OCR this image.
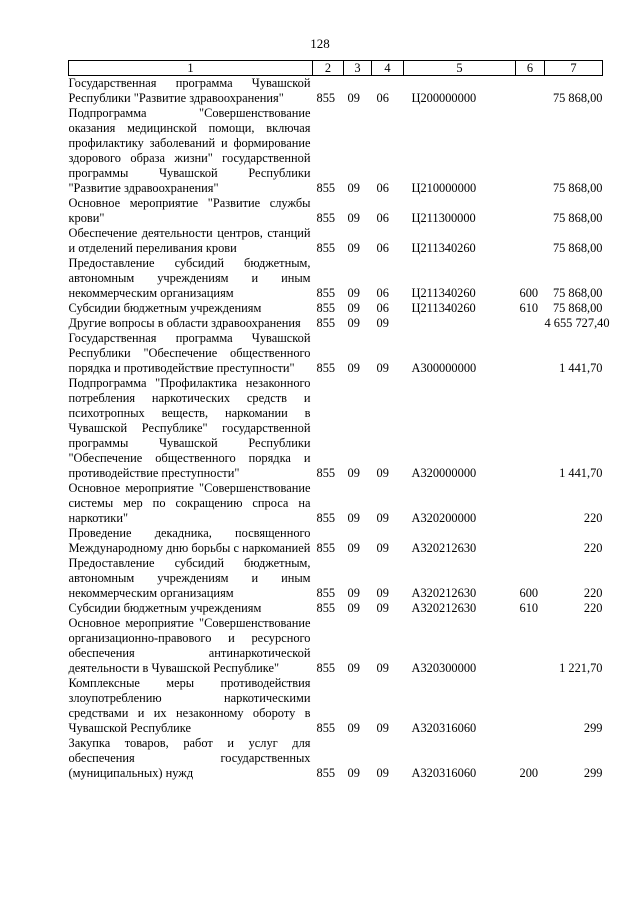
128
1	2	3	4	5	6	7
Государственная программа Чувашской Республики "Развитие здравоохранения"	855	09	06	Ц200000000		75 868,00
Подпрограмма "Совершенствование оказания медицинской помощи, включая профилактику заболеваний и формирование здорового образа жизни" государственной программы Чувашской Республики "Развитие здравоохранения"	855	09	06	Ц210000000		75 868,00
Основное мероприятие "Развитие службы крови"	855	09	06	Ц211300000		75 868,00
Обеспечение деятельности центров, станций и отделений переливания крови	855	09	06	Ц211340260		75 868,00
Предоставление субсидий бюджетным, автономным учреждениям и иным некоммерческим организациям	855	09	06	Ц211340260	600	75 868,00
Субсидии бюджетным учреждениям	855	09	06	Ц211340260	610	75 868,00
Другие вопросы в области здравоохранения	855	09	09			4 655 727,40
Государственная программа Чувашской Республики "Обеспечение общественного порядка и противодействие преступности"	855	09	09	А300000000		1 441,70
Подпрограмма "Профилактика незаконного потребления наркотических средств и психотропных веществ, наркомании в Чувашской Республике" государственной программы Чувашской Республики "Обеспечение общественного порядка и противодействие преступности"	855	09	09	А320000000		1 441,70
Основное мероприятие "Совершенствование системы мер по сокращению спроса на наркотики"	855	09	09	А320200000		220
Проведение декадника, посвященного Международному дню борьбы с наркоманией	855	09	09	А320212630		220
Предоставление субсидий бюджетным, автономным учреждениям и иным некоммерческим организациям	855	09	09	А320212630	600	220
Субсидии бюджетным учреждениям	855	09	09	А320212630	610	220
Основное мероприятие "Совершенствование организационно-правового и ресурсного обеспечения антинаркотической деятельности в Чувашской Республике"	855	09	09	А320300000		1 221,70
Комплексные меры противодействия злоупотреблению наркотическими средствами и их незаконному обороту в Чувашской Республике	855	09	09	А320316060		299
Закупка товаров, работ и услуг для обеспечения государственных (муниципальных) нужд	855	09	09	А320316060	200	299
